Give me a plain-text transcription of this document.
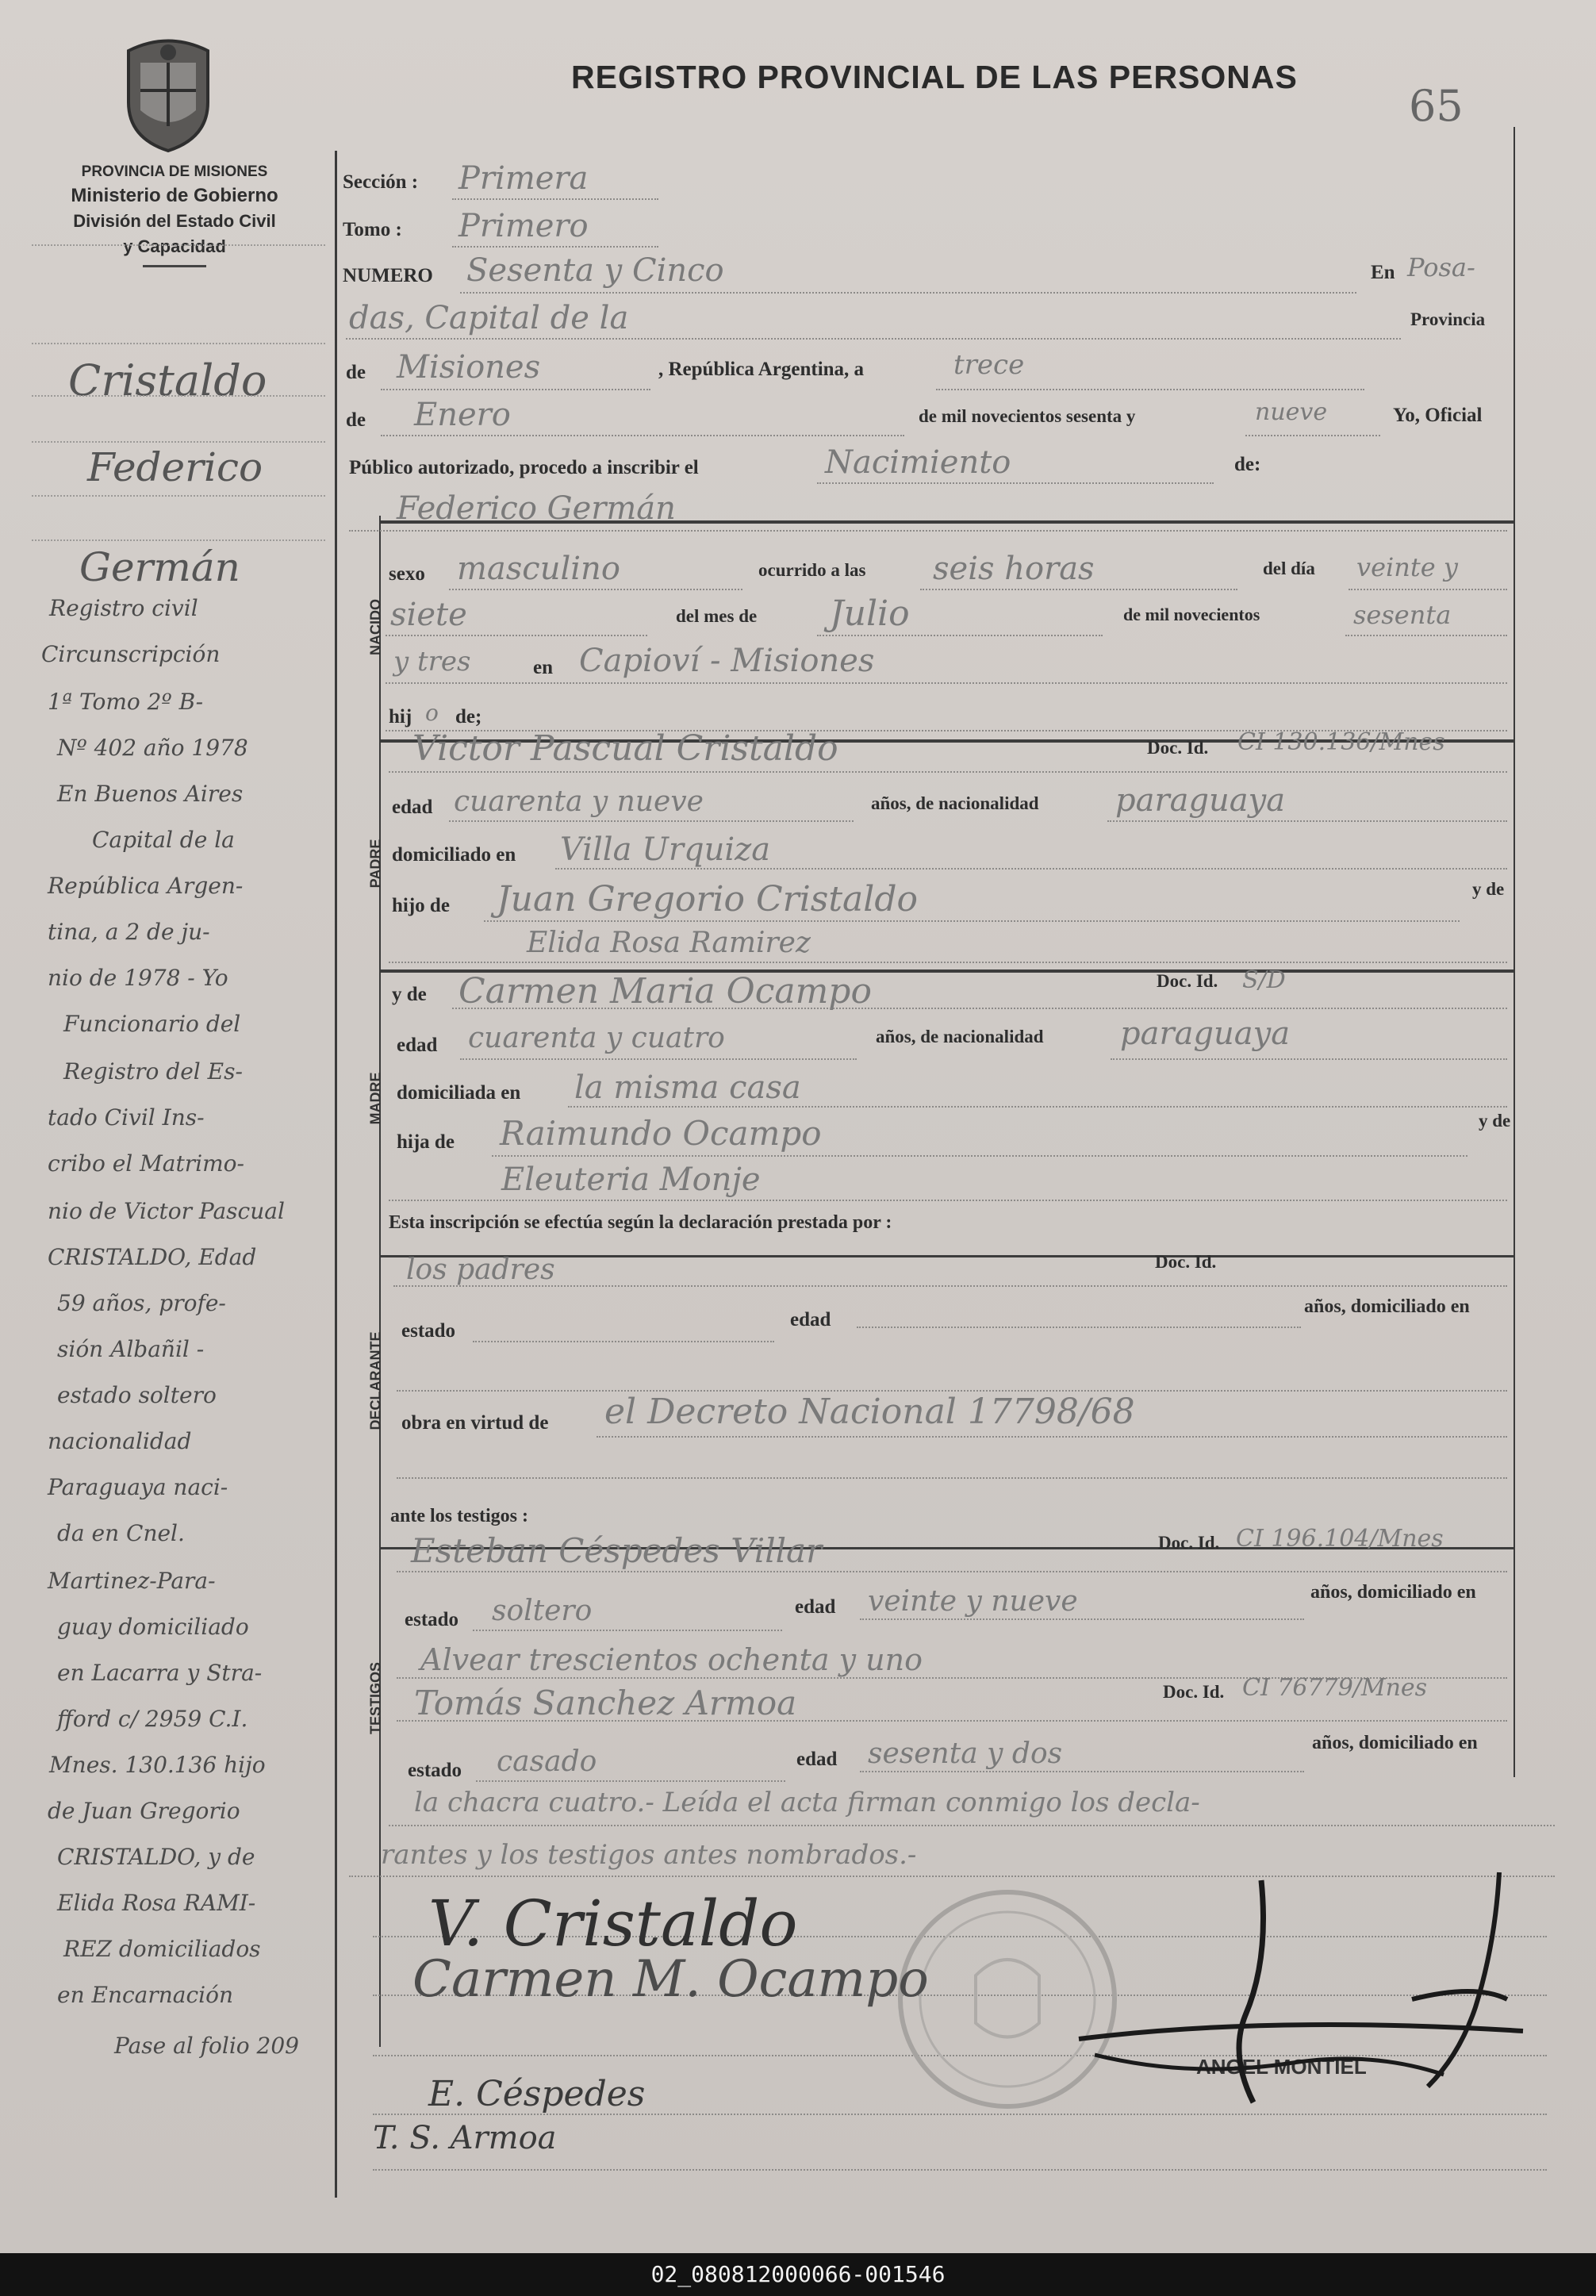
PROVINCIA DE MISIONES
Ministerio de Gobierno
División del Estado Civil
y Capacidad
REGISTRO PROVINCIAL DE LAS PERSONAS
65
Sección : Primera
Tomo : Primero
NUMERO Sesenta y Cinco	En Posa-
das, Capital de la	Provincia
de Misiones	, República Argentina, a	trece
de Enero	de mil novecientos sesenta y	nueve	Yo, Oficial
Público autorizado, procedo a inscribir el	Nacimiento	de:
Federico Germán
NACIDO
sexo masculino	ocurrido a las seis horas	del día veinte y
siete	del mes de Julio	de mil novecientos	sesenta
y tres	en Capioví - Misiones
hij o de;
Victor Pascual Cristaldo	Doc. Id. CI 130.136/Mnes
PADRE
edad cuarenta y nueve	años, de nacionalidad paraguaya
domiciliado en Villa Urquiza
hijo de Juan Gregorio Cristaldo	y de
Elida Rosa Ramirez
y de Carmen Maria Ocampo	Doc. Id. S/D
MADRE
edad cuarenta y cuatro	años, de nacionalidad paraguaya
domiciliada en la misma casa
hija de Raimundo Ocampo	y de
Eleuteria Monje
Esta inscripción se efectúa según la declaración prestada por :
los padres	Doc. Id.
DECLARANTE
estado
edad
años, domiciliado en
obra en virtud de el Decreto Nacional 17798/68
ante los testigos :
Esteban Céspedes Villar	Doc. Id. CI 196.104/Mnes
TESTIGOS
estado soltero	edad veinte y nueve	años, domiciliado en
Alvear trescientos ochenta y uno
Tomás Sanchez Armoa	Doc. Id. CI 76779/Mnes
estado casado	edad sesenta y dos	años, domiciliado en
la chacra cuatro.- Leída el acta firman conmigo los decla-
rantes y los testigos antes nombrados.-
V. Cristaldo
Carmen M. Ocampo
E. Céspedes
T. S. Armoa
ANGEL MONTIEL
Cristaldo
Federico
Germán
Registro civil
Circunscripción
1ª Tomo 2º B-
Nº 402 año 1978
En Buenos Aires
Capital de la
República Argen-
tina, a 2 de ju-
nio de 1978 - Yo
Funcionario del
Registro del Es-
tado Civil Ins-
cribo el Matrimo-
nio de Victor Pascual
CRISTALDO, Edad
59 años, profe-
sión Albañil -
estado soltero
nacionalidad
Paraguaya naci-
da en Cnel.
Martinez-Para-
guay domiciliado
en Lacarra y Stra-
fford c/ 2959 C.I.
Mnes. 130.136 hijo
de Juan Gregorio
CRISTALDO, y de
Elida Rosa RAMI-
REZ domiciliados
en Encarnación
Pase al folio 209
02_080812000066-001546
